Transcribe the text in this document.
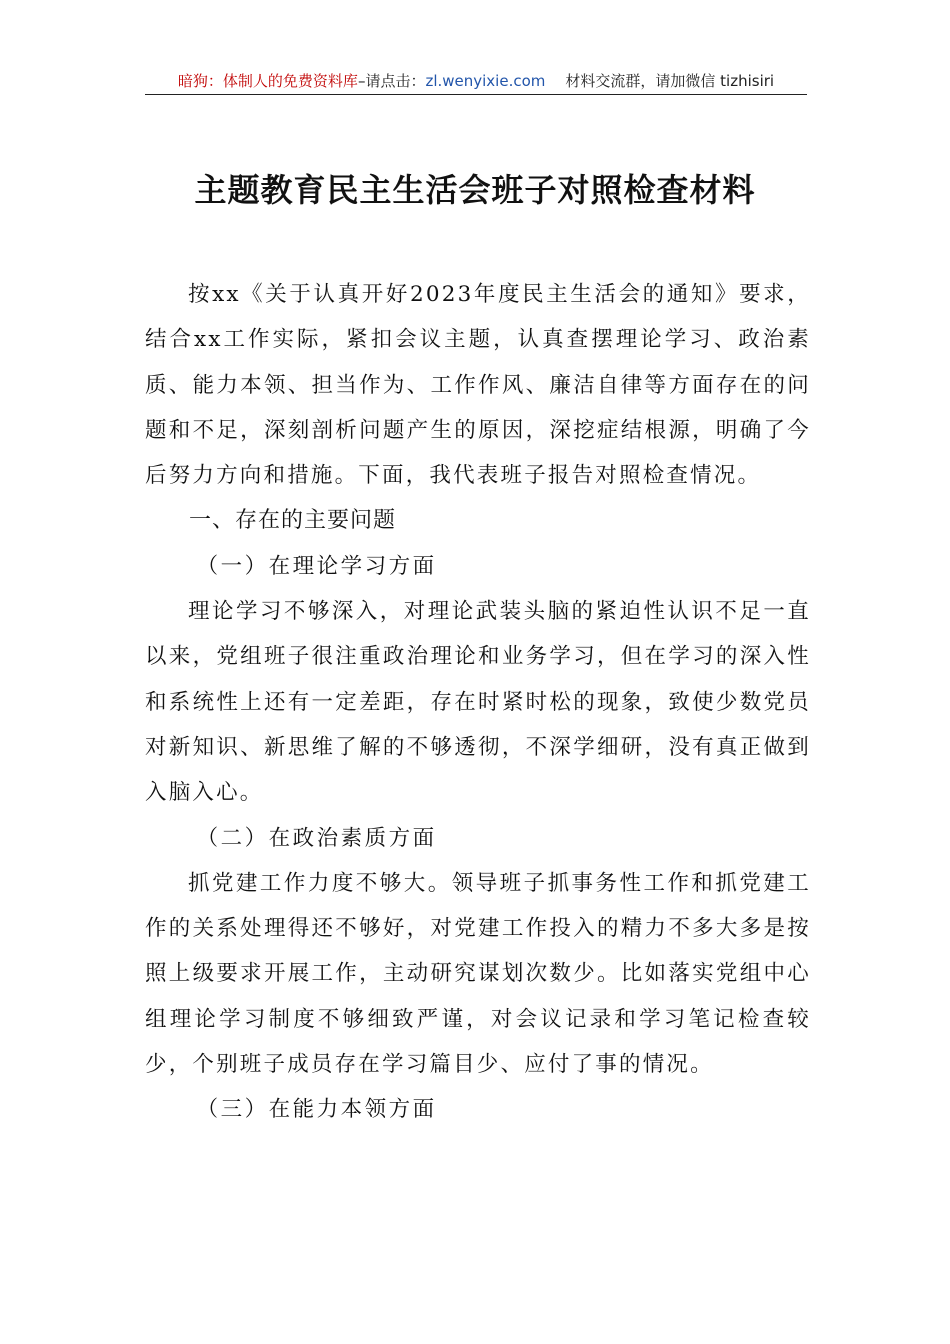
暗狗：体制人的免费资料库–请点击：zl.wenyixie.com 材料交流群，请加微信 tizhisiri
主题教育民主生活会班子对照检查材料

按xx《关于认真开好2023年度民主生活会的通知》要求，结合xx工作实际，紧扣会议主题，认真查摆理论学习、政治素质、能力本领、担当作为、工作作风、廉洁自律等方面存在的问题和不足，深刻剖析问题产生的原因，深挖症结根源，明确了今后努力方向和措施。下面，我代表班子报告对照检查情况。

一、存在的主要问题

（一）在理论学习方面

理论学习不够深入，对理论武装头脑的紧迫性认识不足一直以来，党组班子很注重政治理论和业务学习，但在学习的深入性和系统性上还有一定差距，存在时紧时松的现象，致使少数党员对新知识、新思维了解的不够透彻，不深学细研，没有真正做到入脑入心。

（二）在政治素质方面

抓党建工作力度不够大。领导班子抓事务性工作和抓党建工作的关系处理得还不够好，对党建工作投入的精力不多大多是按照上级要求开展工作，主动研究谋划次数少。比如落实党组中心组理论学习制度不够细致严谨，对会议记录和学习笔记检查较少，个别班子成员存在学习篇目少、应付了事的情况。

（三）在能力本领方面
